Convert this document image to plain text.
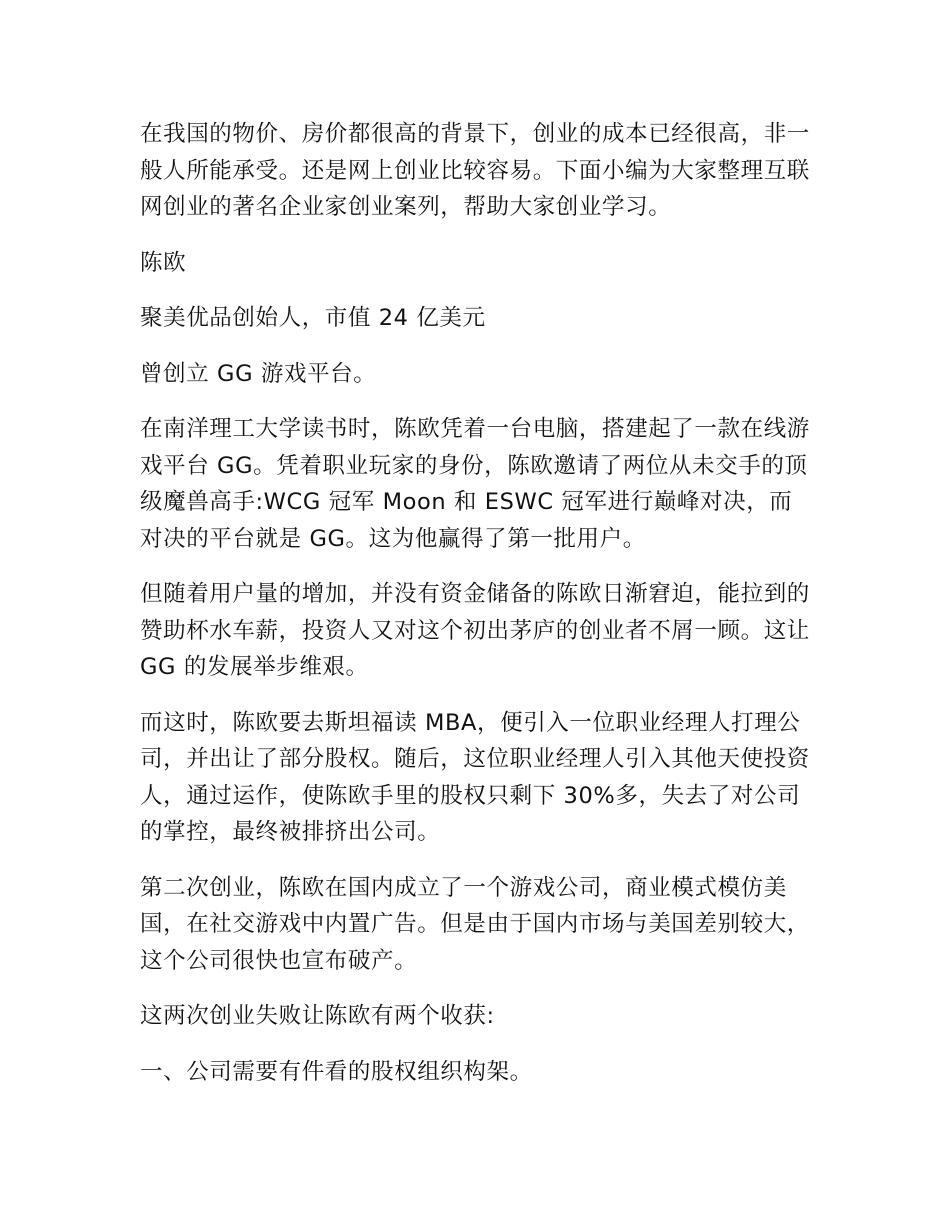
在我国的物价、房价都很高的背景下，创业的成本已经很高，非一般人所能承受。还是网上创业比较容易。下面小编为大家整理互联网创业的著名企业家创业案列，帮助大家创业学习。

陈欧

聚美优品创始人，市值 24 亿美元

曾创立 GG 游戏平台。

在南洋理工大学读书时，陈欧凭着一台电脑，搭建起了一款在线游戏平台 GG。凭着职业玩家的身份，陈欧邀请了两位从未交手的顶级魔兽高手:WCG 冠军 Moon 和 ESWC 冠军进行巅峰对决，而对决的平台就是 GG。这为他赢得了第一批用户。

但随着用户量的增加，并没有资金储备的陈欧日渐窘迫，能拉到的赞助杯水车薪，投资人又对这个初出茅庐的创业者不屑一顾。这让 GG 的发展举步维艰。

而这时，陈欧要去斯坦福读 MBA，便引入一位职业经理人打理公司，并出让了部分股权。随后，这位职业经理人引入其他天使投资人，通过运作，使陈欧手里的股权只剩下 30%多，失去了对公司的掌控，最终被排挤出公司。

第二次创业，陈欧在国内成立了一个游戏公司，商业模式模仿美国，在社交游戏中内置广告。但是由于国内市场与美国差别较大，这个公司很快也宣布破产。

这两次创业失败让陈欧有两个收获:

一、公司需要有件看的股权组织构架。
